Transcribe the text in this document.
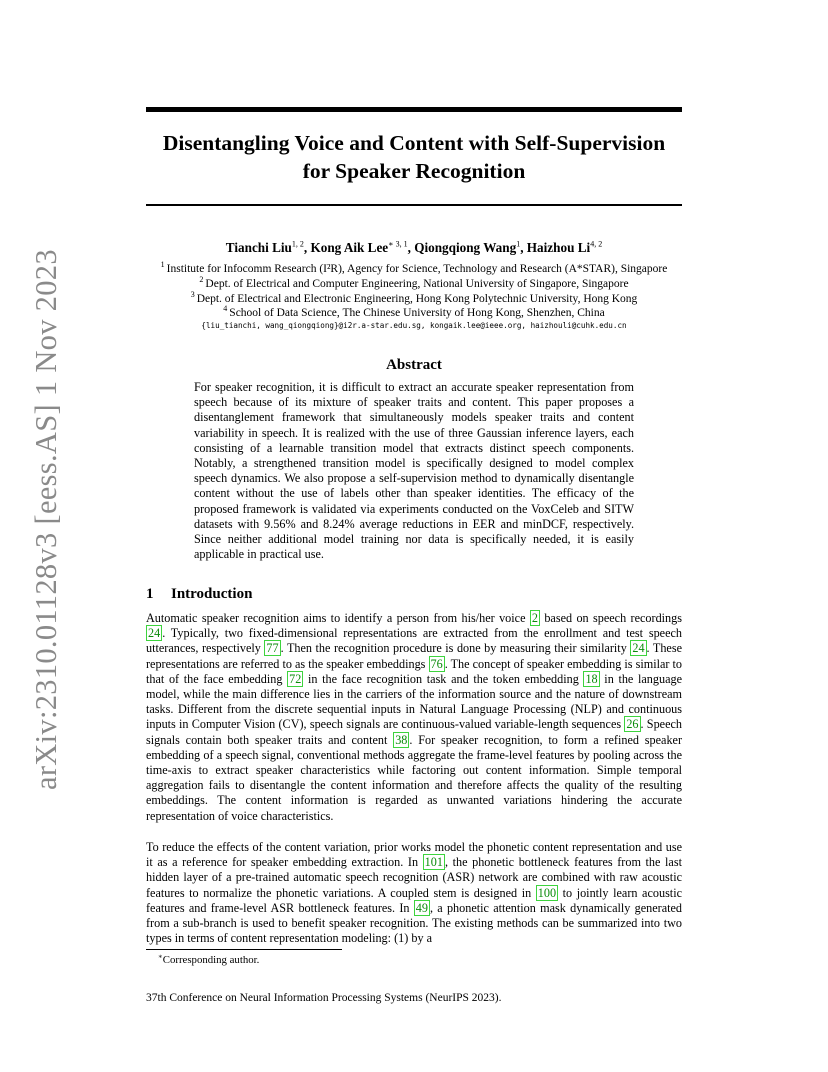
arXiv:2310.01128v3 [eess.AS] 1 Nov 2023
Disentangling Voice and Content with Self-Supervision
for Speaker Recognition
Tianchi Liu$^{1, 2}$, Kong Aik Lee$^{∗ 3, 1}$, Qiongqiong Wang$^1$, Haizhou Li$^{4, 2}$
$^1$ Institute for Infocomm Research (I²R), Agency for Science, Technology and Research (A*STAR), Singapore
$^2$ Dept. of Electrical and Computer Engineering, National University of Singapore, Singapore
$^3$ Dept. of Electrical and Electronic Engineering, Hong Kong Polytechnic University, Hong Kong
$^4$ School of Data Science, The Chinese University of Hong Kong, Shenzhen, China
{liu_tianchi, wang_qiongqiong}@i2r.a-star.edu.sg, kongaik.lee@ieee.org, haizhouli@cuhk.edu.cn
Abstract
For speaker recognition, it is difficult to extract an accurate speaker representation from speech because of its mixture of speaker traits and content. This paper proposes a disentanglement framework that simultaneously models speaker traits and content variability in speech. It is realized with the use of three Gaussian inference layers, each consisting of a learnable transition model that extracts distinct speech components. Notably, a strengthened transition model is specifically designed to model complex speech dynamics. We also propose a self-supervision method to dynamically disentangle content without the use of labels other than speaker identities. The efficacy of the proposed framework is validated via experiments conducted on the VoxCeleb and SITW datasets with 9.56% and 8.24% average reductions in EER and minDCF, respectively. Since neither additional model training nor data is specifically needed, it is easily applicable in practical use.
1 Introduction
Automatic speaker recognition aims to identify a person from his/her voice 2 based on speech recordings 24 . Typically, two fixed-dimensional representations are extracted from the enrollment and test speech utterances, respectively 77 . Then the recognition procedure is done by measuring their similarity 24 . These representations are referred to as the speaker embeddings 76 . The concept of speaker embedding is similar to that of the face embedding 72 in the face recognition task and the token embedding 18 in the language model, while the main difference lies in the carriers of the information source and the nature of downstream tasks. Different from the discrete sequential inputs in Natural Language Processing (NLP) and continuous inputs in Computer Vision (CV), speech signals are continuous-valued variable-length sequences 26 . Speech signals contain both speaker traits and content 38 . For speaker recognition, to form a refined speaker embedding of a speech signal, conventional methods aggregate the frame-level features by pooling across the time-axis to extract speaker characteristics while factoring out content information. Simple temporal aggregation fails to disentangle the content information and therefore affects the quality of the resulting embeddings. The content information is regarded as unwanted variations hindering the accurate representation of voice characteristics.
To reduce the effects of the content variation, prior works model the phonetic content representation and use it as a reference for speaker embedding extraction. In 101 , the phonetic bottleneck features from the last hidden layer of a pre-trained automatic speech recognition (ASR) network are combined with raw acoustic features to normalize the phonetic variations. A coupled stem is designed in 100 to jointly learn acoustic features and frame-level ASR bottleneck features. In 49 , a phonetic attention mask dynamically generated from a sub-branch is used to benefit speaker recognition. The existing methods can be summarized into two types in terms of content representation modeling: (1) by a
∗Corresponding author.
37th Conference on Neural Information Processing Systems (NeurIPS 2023).
